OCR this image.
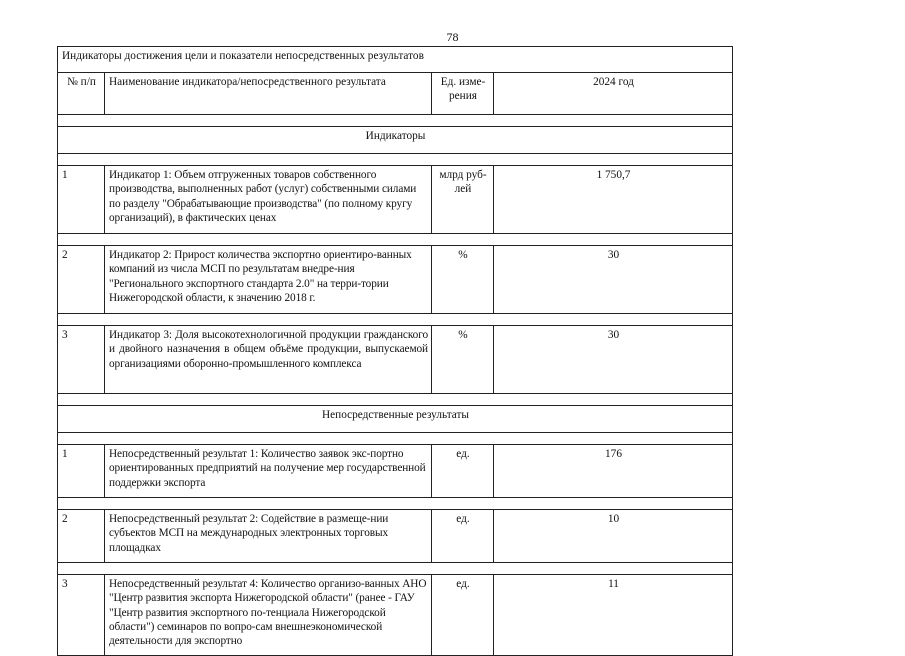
78
Индикаторы достижения цели и показатели непосредственных результатов			
№ п/п	Наименование индикатора/непосредственного результата	Ед. изме-рения	2024 год

Индикаторы			

1	Индикатор 1: Объем отгруженных товаров собственного производства, выполненных работ (услуг) собственными силами по разделу "Обрабатывающие производства" (по полному кругу организаций), в фактических ценах	млрд руб-лей	1 750,7

2	Индикатор 2: Прирост количества экспортно ориентиро-ванных компаний из числа МСП по результатам внедре-ния "Регионального экспортного стандарта 2.0" на терри-тории Нижегородской области, к значению 2018 г.	%	30

3	Индикатор 3: Доля высокотехнологичной продукции гражданского и двойного назначения в общем объёме продукции, выпускаемой организациями оборонно-промышленного комплекса	%	30

Непосредственные результаты			

1	Непосредственный результат 1: Количество заявок экс-портно ориентированных предприятий на получение мер государственной поддержки экспорта	ед.	176

2	Непосредственный результат 2: Содействие в размеще-нии субъектов МСП на международных электронных торговых площадках	ед.	10

3	Непосредственный результат 4: Количество организо-ванных АНО "Центр развития экспорта Нижегородской области" (ранее - ГАУ "Центр развития экспортного по-тенциала Нижегородской области") семинаров по вопро-сам внешнеэкономической деятельности для экспортно	ед.	11
